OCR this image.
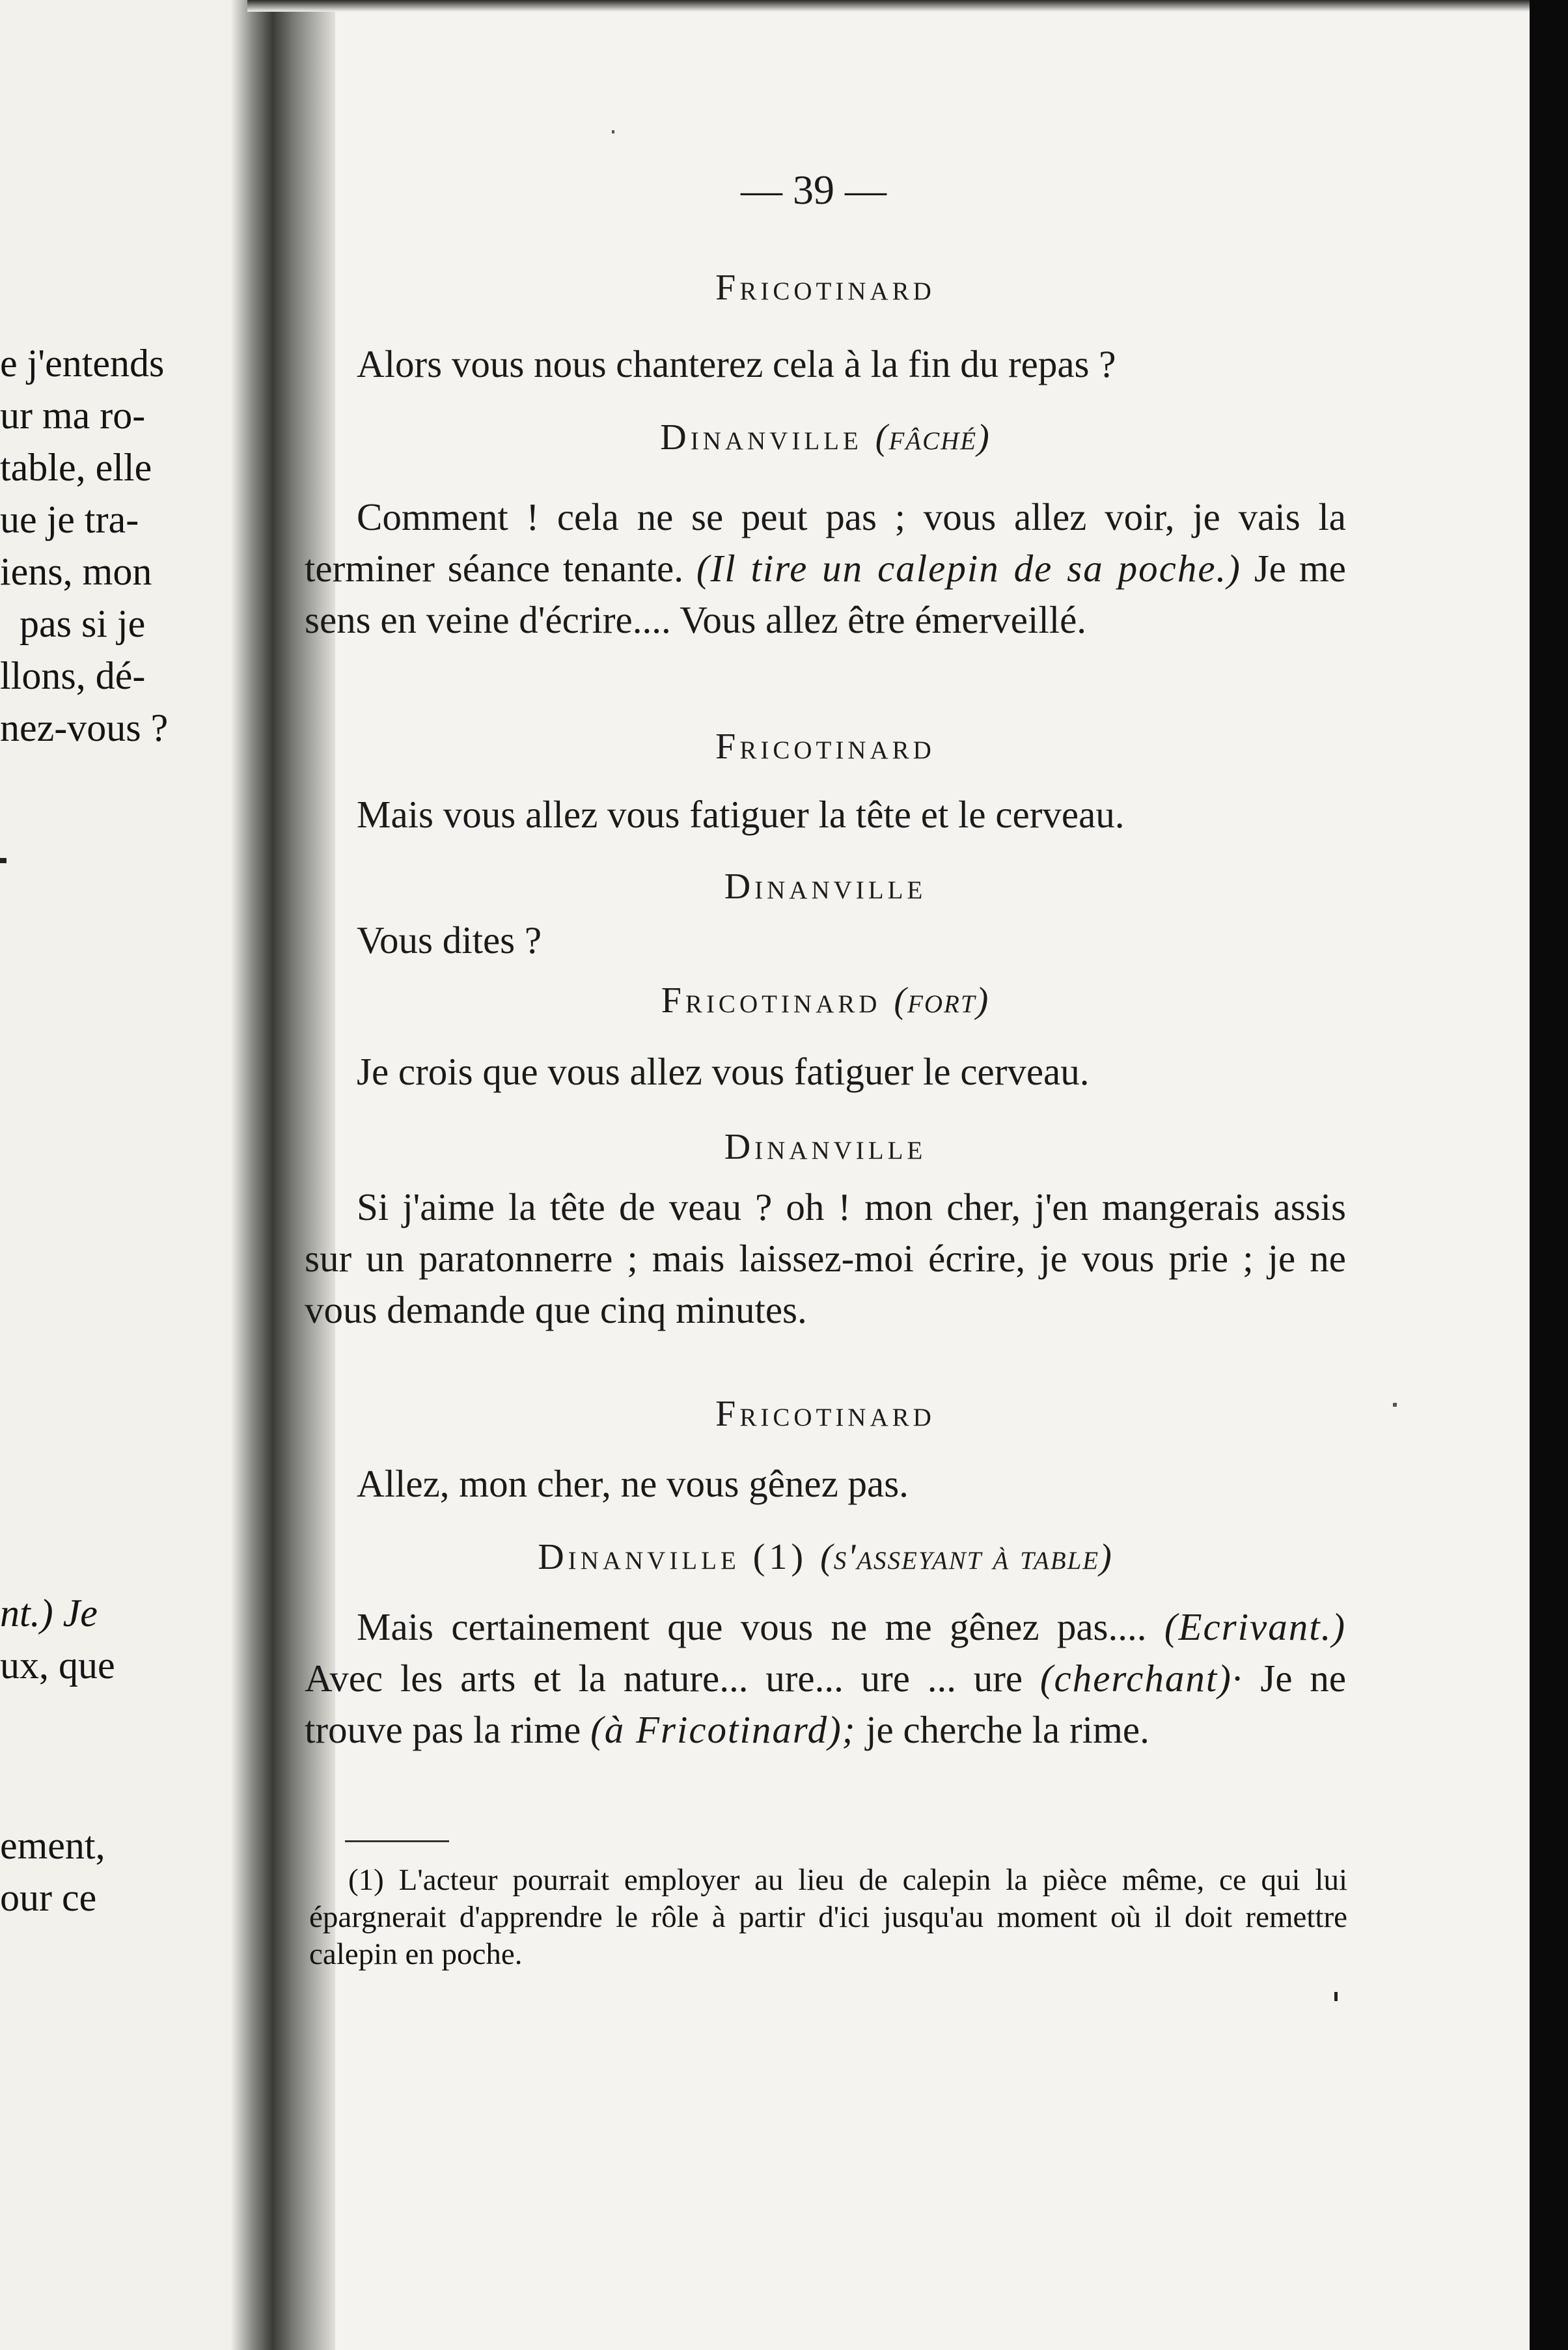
e j'entends
ur ma ro-
table, elle
ue je tra-
iens, mon
pas si je
llons, dé-
nez-vous ?
nt.) Je
ux, que
ement,
our ce
— 39 —
Fricotinard
Alors vous nous chanterez cela à la fin du repas ?
Dinanville (fâché)
Comment ! cela ne se peut pas ; vous allez voir, je vais la terminer séance tenante. (Il tire un calepin de sa poche.) Je me sens en veine d'écrire.... Vous allez être émerveillé.
Fricotinard
Mais vous allez vous fatiguer la tête et le cerveau.
Dinanville
Vous dites ?
Fricotinard (fort)
Je crois que vous allez vous fatiguer le cerveau.
Dinanville
Si j'aime la tête de veau ? oh ! mon cher, j'en mangerais assis sur un paratonnerre ; mais laissez-moi écrire, je vous prie ; je ne vous demande que cinq minutes.
Fricotinard
Allez, mon cher, ne vous gênez pas.
Dinanville (1) (s'asseyant à table)
Mais certainement que vous ne me gênez pas.... (Ecrivant.) Avec les arts et la nature... ure... ure ... ure (cherchant)· Je ne trouve pas la rime (à Fricotinard); je cherche la rime.
(1) L'acteur pourrait employer au lieu de calepin la pièce même, ce qui lui épargnerait d'apprendre le rôle à partir d'ici jusqu'au moment où il doit remettre calepin en poche.
